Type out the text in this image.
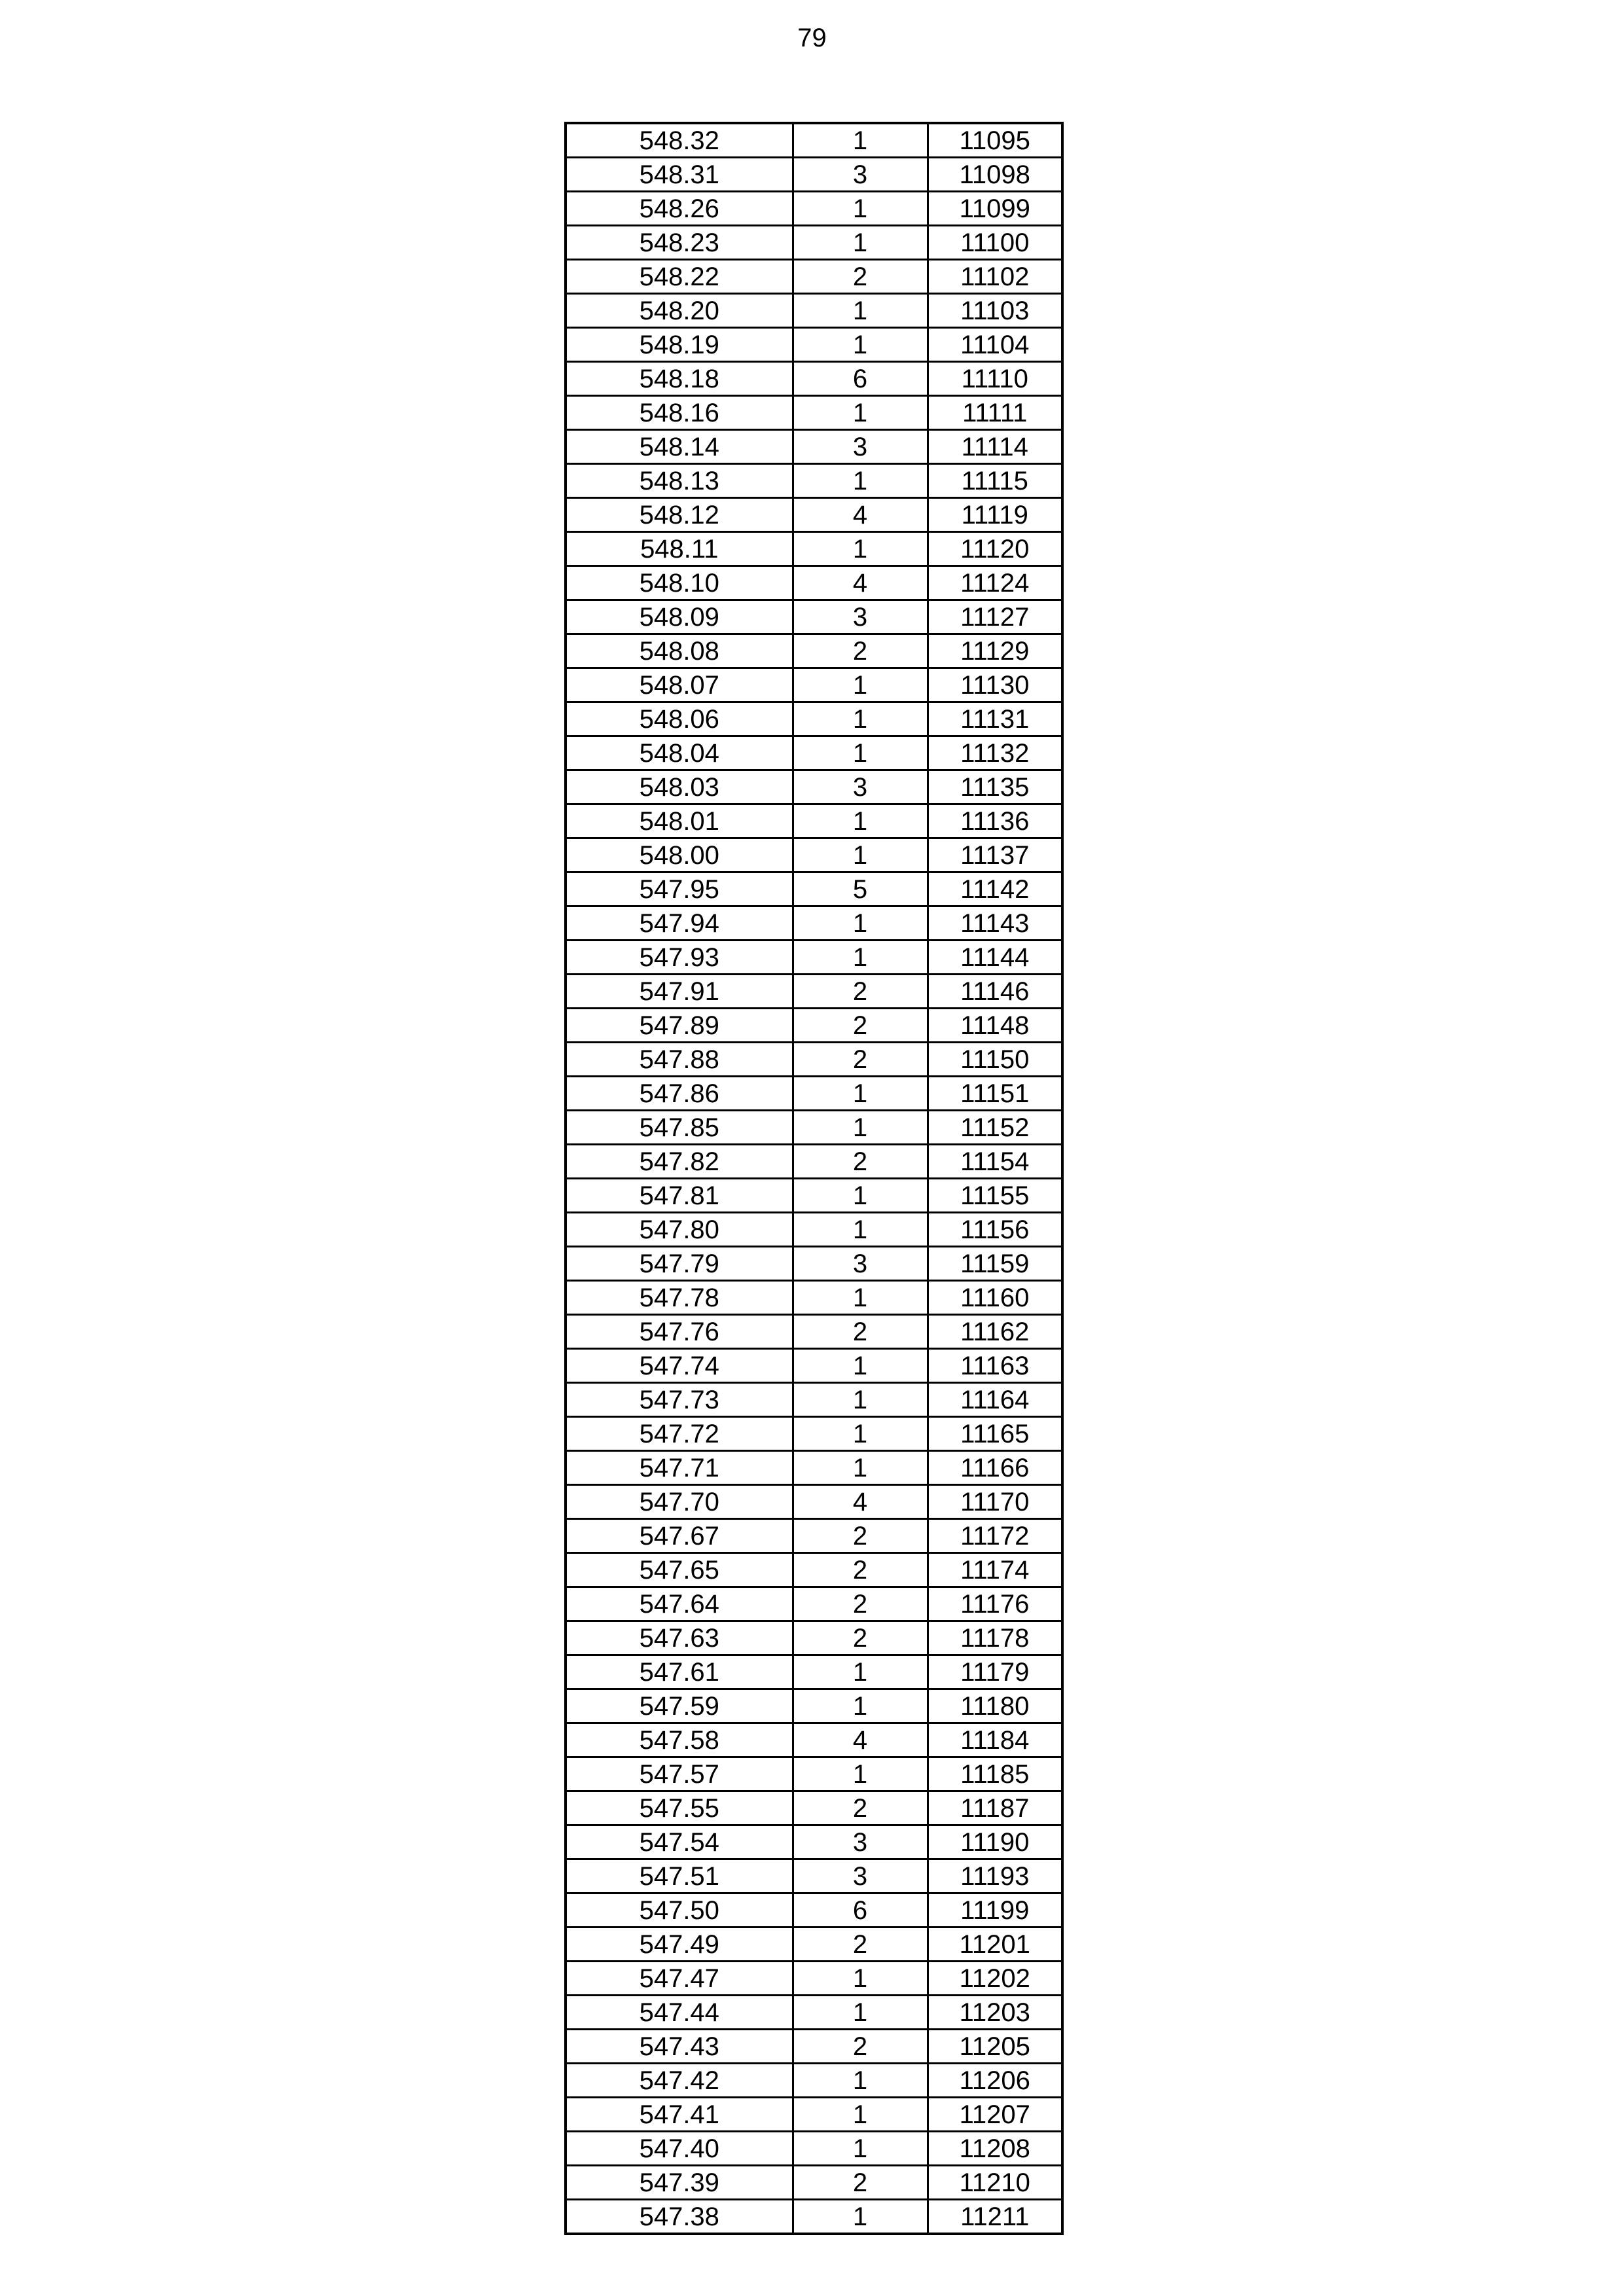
79
548.32	1	11095
548.31	3	11098
548.26	1	11099
548.23	1	11100
548.22	2	11102
548.20	1	11103
548.19	1	11104
548.18	6	11110
548.16	1	11111
548.14	3	11114
548.13	1	11115
548.12	4	11119
548.11	1	11120
548.10	4	11124
548.09	3	11127
548.08	2	11129
548.07	1	11130
548.06	1	11131
548.04	1	11132
548.03	3	11135
548.01	1	11136
548.00	1	11137
547.95	5	11142
547.94	1	11143
547.93	1	11144
547.91	2	11146
547.89	2	11148
547.88	2	11150
547.86	1	11151
547.85	1	11152
547.82	2	11154
547.81	1	11155
547.80	1	11156
547.79	3	11159
547.78	1	11160
547.76	2	11162
547.74	1	11163
547.73	1	11164
547.72	1	11165
547.71	1	11166
547.70	4	11170
547.67	2	11172
547.65	2	11174
547.64	2	11176
547.63	2	11178
547.61	1	11179
547.59	1	11180
547.58	4	11184
547.57	1	11185
547.55	2	11187
547.54	3	11190
547.51	3	11193
547.50	6	11199
547.49	2	11201
547.47	1	11202
547.44	1	11203
547.43	2	11205
547.42	1	11206
547.41	1	11207
547.40	1	11208
547.39	2	11210
547.38	1	11211
